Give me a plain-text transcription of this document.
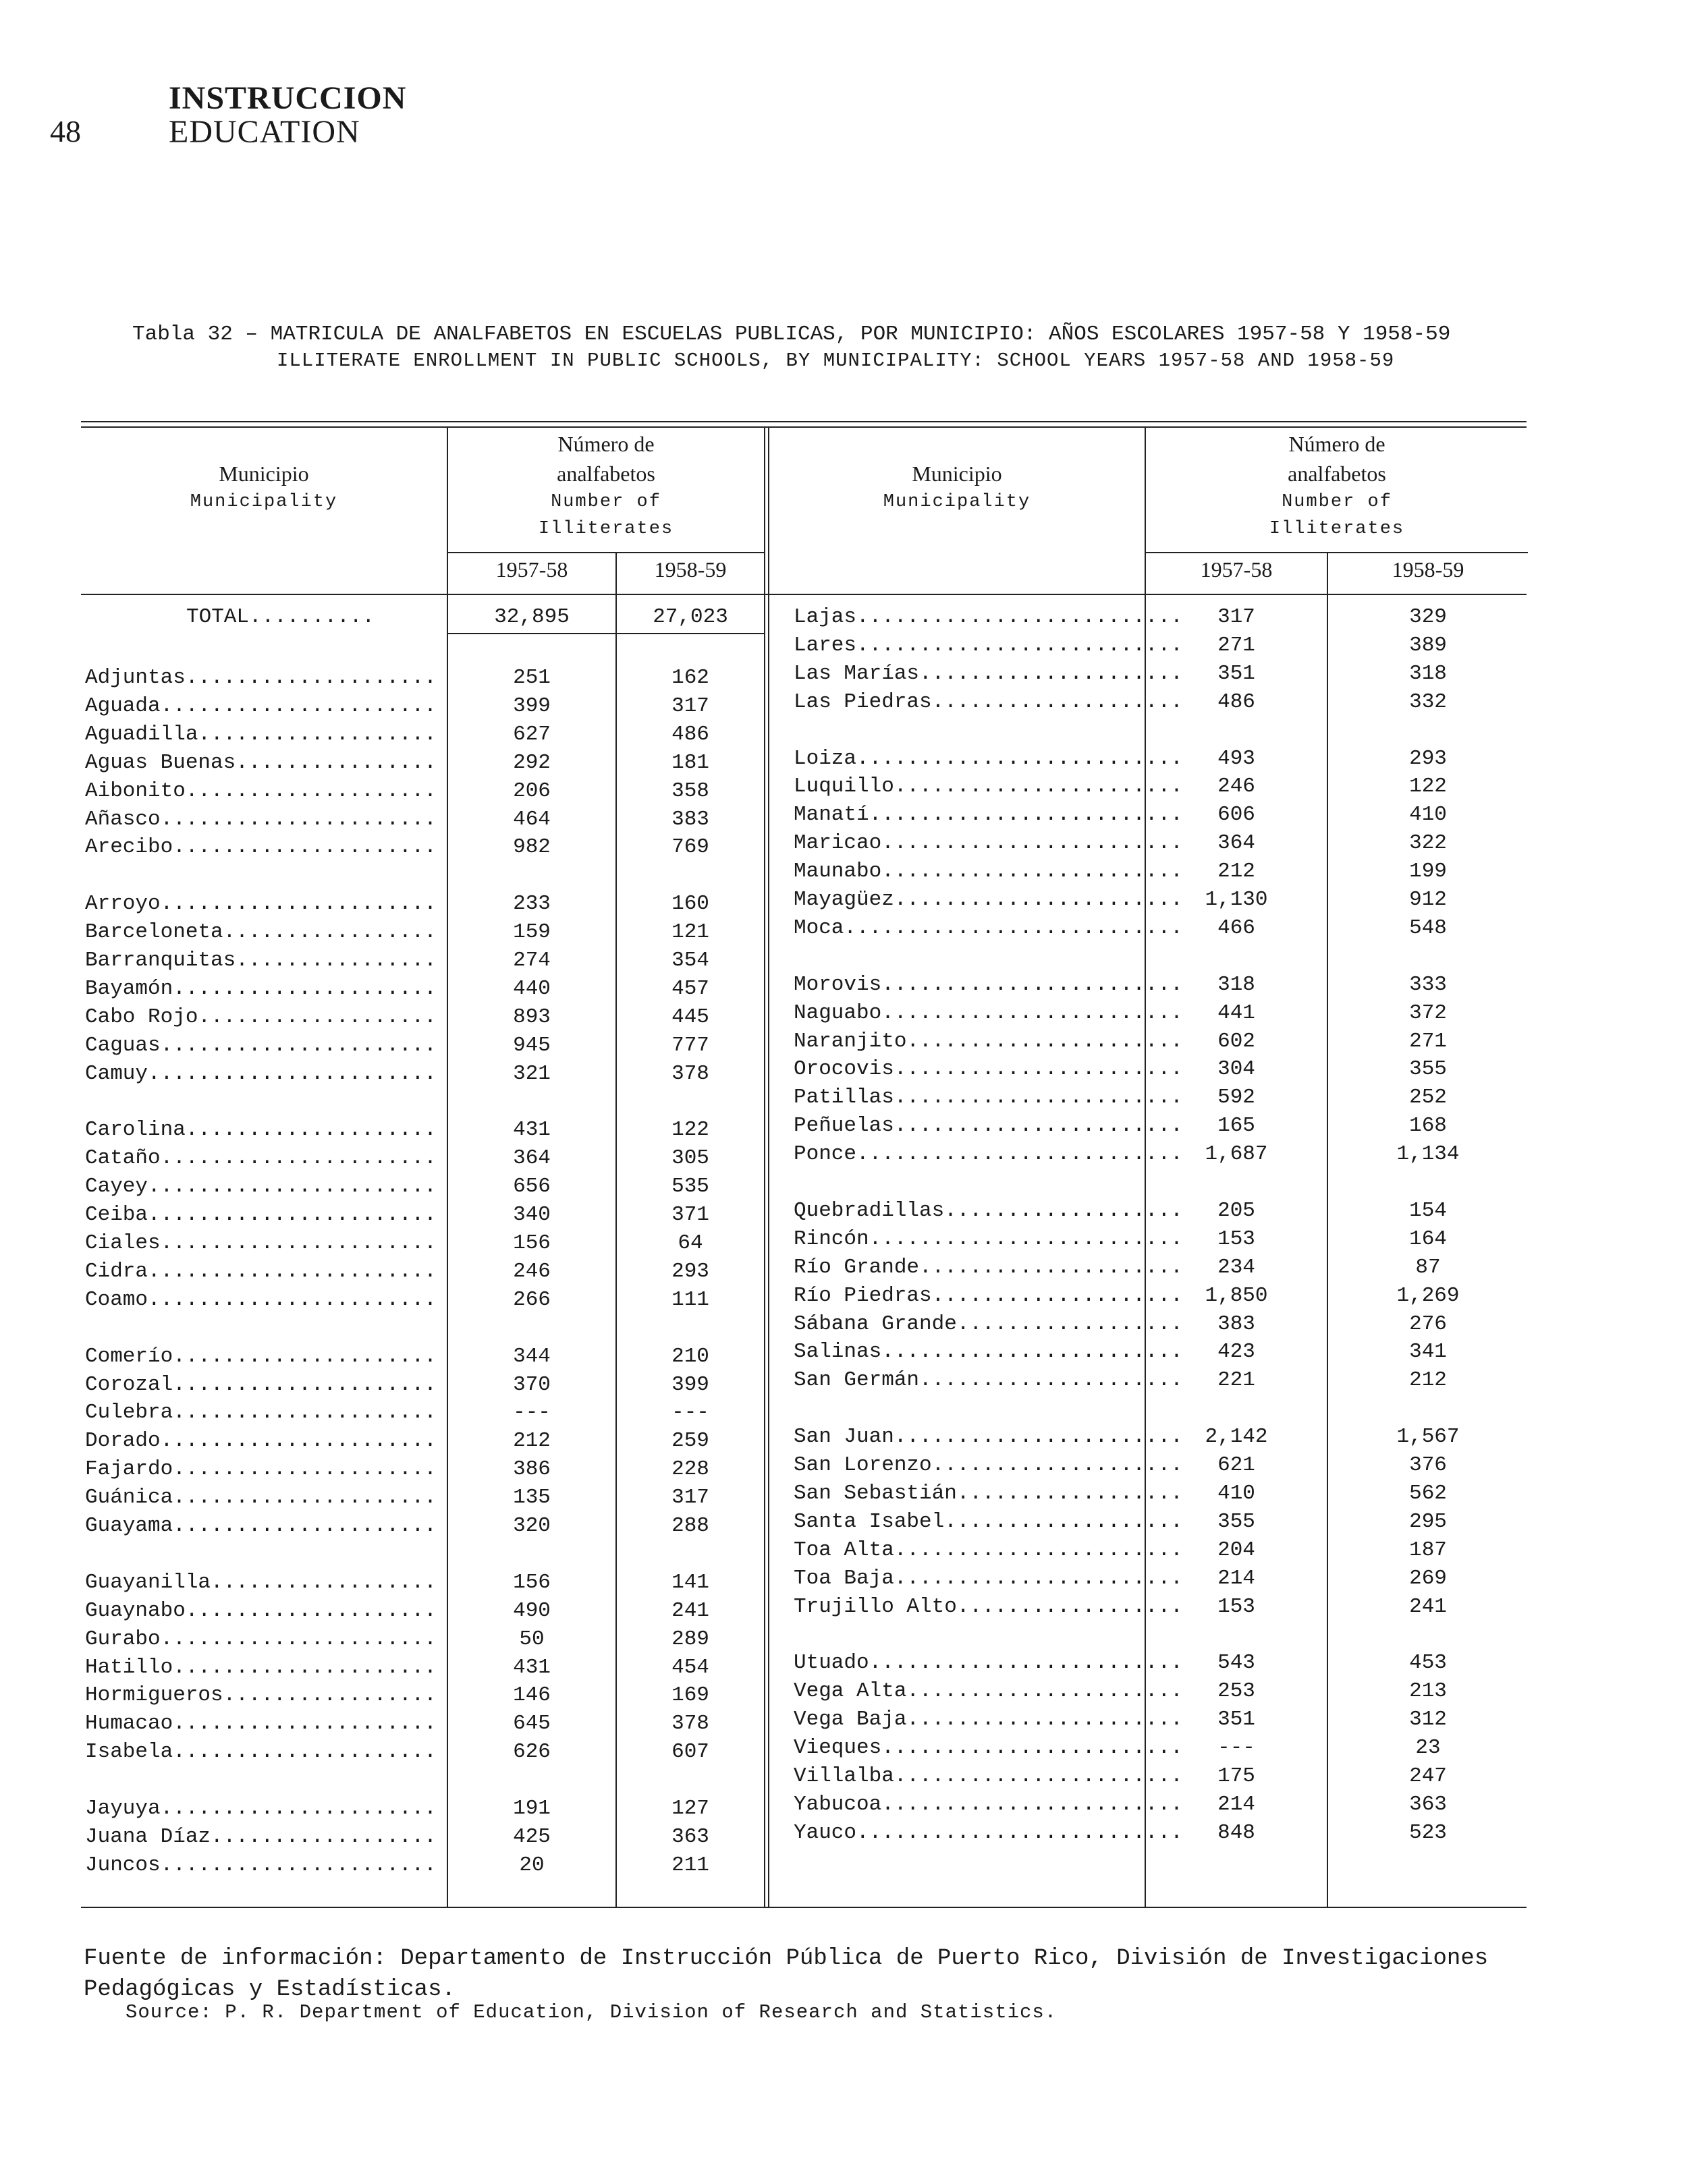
48
INSTRUCCION
EDUCATION
Tabla 32 – MATRICULA DE ANALFABETOS EN ESCUELAS PUBLICAS, POR MUNICIPIO: AÑOS ESCOLARES 1957-58 Y 1958-59
ILLITERATE ENROLLMENT IN PUBLIC SCHOOLS, BY MUNICIPALITY: SCHOOL YEARS 1957-58 AND 1958-59
Municipio
Municipality
Número de
analfabetos
Number of
Illiterates
1957-58	1958-59
Municipio
Municipality
Número de
analfabetos
Number of
Illiterates
1957-58	1958-59
TOTAL..........	32,895	27,023
Adjuntas....................	251	162
Aguada......................	399	317
Aguadilla...................	627	486
Aguas Buenas................	292	181
Aibonito....................	206	358
Añasco......................	464	383
Arecibo.....................	982	769
Arroyo......................	233	160
Barceloneta.................	159	121
Barranquitas................	274	354
Bayamón.....................	440	457
Cabo Rojo...................	893	445
Caguas......................	945	777
Camuy.......................	321	378
Carolina....................	431	122
Cataño......................	364	305
Cayey.......................	656	535
Ceiba.......................	340	371
Ciales......................	156	64
Cidra.......................	246	293
Coamo.......................	266	111
Comerío.....................	344	210
Corozal.....................	370	399
Culebra.....................	---	---
Dorado......................	212	259
Fajardo.....................	386	228
Guánica.....................	135	317
Guayama.....................	320	288
Guayanilla..................	156	141
Guaynabo....................	490	241
Gurabo......................	50	289
Hatillo.....................	431	454
Hormigueros.................	146	169
Humacao.....................	645	378
Isabela.....................	626	607
Jayuya......................	191	127
Juana Díaz..................	425	363
Juncos......................	20	211
Lajas..........................	317	329
Lares..........................	271	389
Las Marías.....................	351	318
Las Piedras....................	486	332
Loiza..........................	493	293
Luquillo.......................	246	122
Manatí.........................	606	410
Maricao........................	364	322
Maunabo........................	212	199
Mayagüez.......................	1,130	912
Moca...........................	466	548
Morovis........................	318	333
Naguabo........................	441	372
Naranjito......................	602	271
Orocovis.......................	304	355
Patillas.......................	592	252
Peñuelas.......................	165	168
Ponce..........................	1,687	1,134
Quebradillas...................	205	154
Rincón.........................	153	164
Río Grande.....................	234	87
Río Piedras....................	1,850	1,269
Sábana Grande..................	383	276
Salinas........................	423	341
San Germán.....................	221	212
San Juan.......................	2,142	1,567
San Lorenzo....................	621	376
San Sebastián..................	410	562
Santa Isabel...................	355	295
Toa Alta.......................	204	187
Toa Baja.......................	214	269
Trujillo Alto..................	153	241
Utuado.........................	543	453
Vega Alta......................	253	213
Vega Baja......................	351	312
Vieques........................	---	23
Villalba.......................	175	247
Yabucoa........................	214	363
Yauco..........................	848	523
Fuente de información: Departamento de Instrucción Pública de Puerto Rico, División de Investigaciones Pedagógicas y Estadísticas.
Source: P. R. Department of Education, Division of Research and Statistics.
